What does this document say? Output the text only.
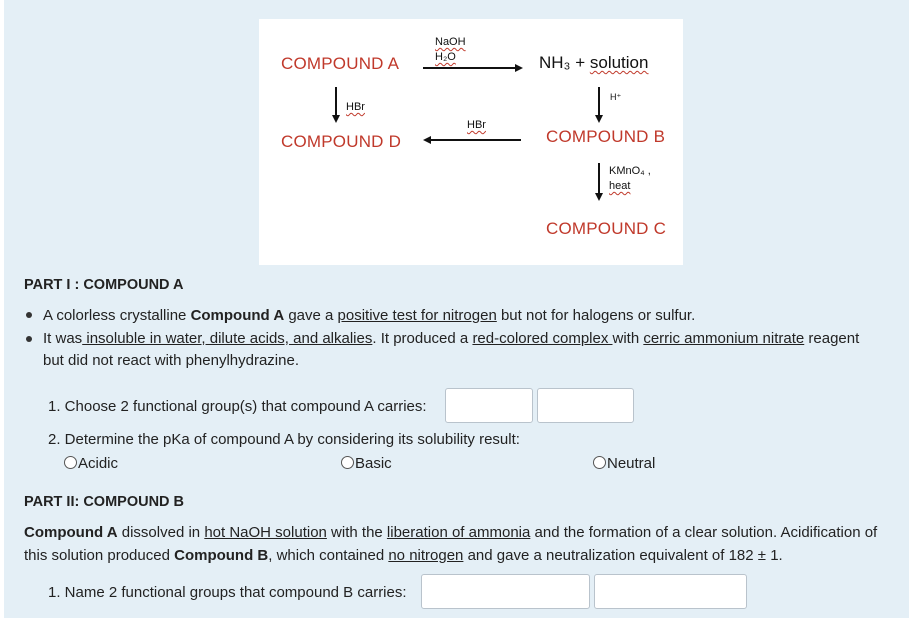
COMPOUND A
NaOH
H₂O	NH₃ + solution
HBr
H⁺
COMPOUND D
HBr
COMPOUND B
KMnO₄ ,
heat
COMPOUND C
PART I : COMPOUND A
A colorless crystalline Compound A gave a positive test for nitrogen but not for halogens or sulfur.
It was insoluble in water, dilute acids, and alkalies. It produced a red-colored complex with cerric ammonium nitrate reagent
but did not react with phenylhydrazine.
1. Choose 2 functional group(s) that compound A carries:
2. Determine the pKa of compound A by considering its solubility result:
Acidic	Basic	Neutral
PART II: COMPOUND B
Compound A dissolved in hot NaOH solution with the liberation of ammonia and the formation of a clear solution. Acidification of
this solution produced Compound B, which contained no nitrogen and gave a neutralization equivalent of 182 ± 1.
1. Name 2 functional groups that compound B carries:
